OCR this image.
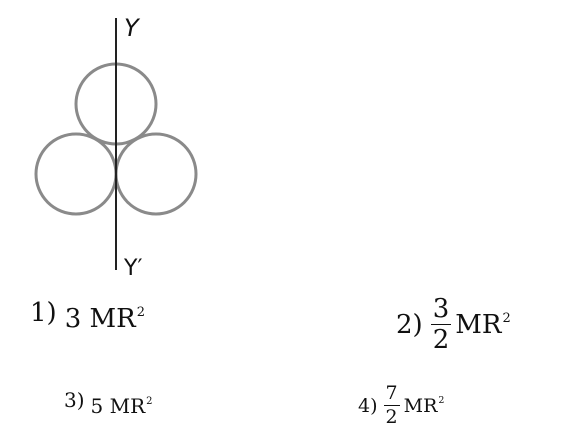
Y
Y′
1) 3 $MR^2$	$2) \frac{3}{2} MR^2$
3) 5 $MR^2$	$4) \frac{7}{2} MR^2$
